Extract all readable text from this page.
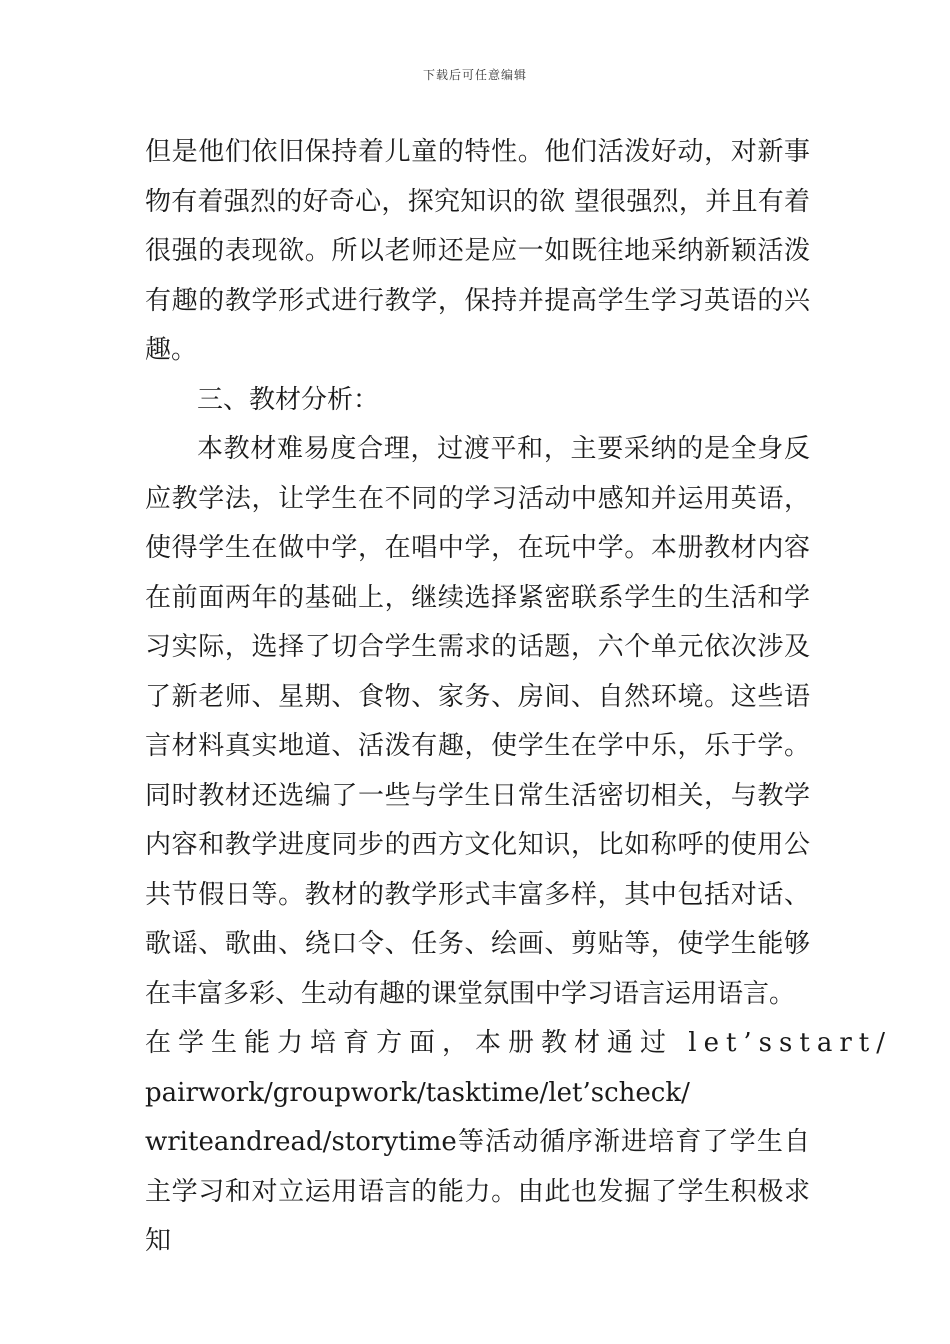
下载后可任意编辑

但是他们依旧保持着儿童的特性。他们活泼好动，对新事物有着强烈的好奇心，探究知识的欲 望很强烈，并且有着很强的表现欲。所以老师还是应一如既往地采纳新颖活泼有趣的教学形式进行教学，保持并提高学生学习英语的兴趣。

三、教材分析：

本教材难易度合理，过渡平和，主要采纳的是全身反应教学法，让学生在不同的学习活动中感知并运用英语，使得学生在做中学，在唱中学，在玩中学。本册教材内容在前面两年的基础上，继续选择紧密联系学生的生活和学习实际，选择了切合学生需求的话题，六个单元依次涉及了新老师、星期、食物、家务、房间、自然环境。这些语言材料真实地道、活泼有趣，使学生在学中乐，乐于学。同时教材还选编了一些与学生日常生活密切相关，与教学内容和教学进度同步的西方文化知识，比如称呼的使用公共节假日等。教材的教学形式丰富多样，其中包括对话、歌谣、歌曲、绕口令、任务、绘画、剪贴等，使学生能够在丰富多彩、生动有趣的课堂氛围中学习语言运用语言。

在学生能力培育方面，本册教材通过 let’sstart/

pairwork/groupwork/tasktime/let’scheck/

writeandread/storytime等活动循序渐进培育了学生自主学习和对立运用语言的能力。由此也发掘了学生积极求知
